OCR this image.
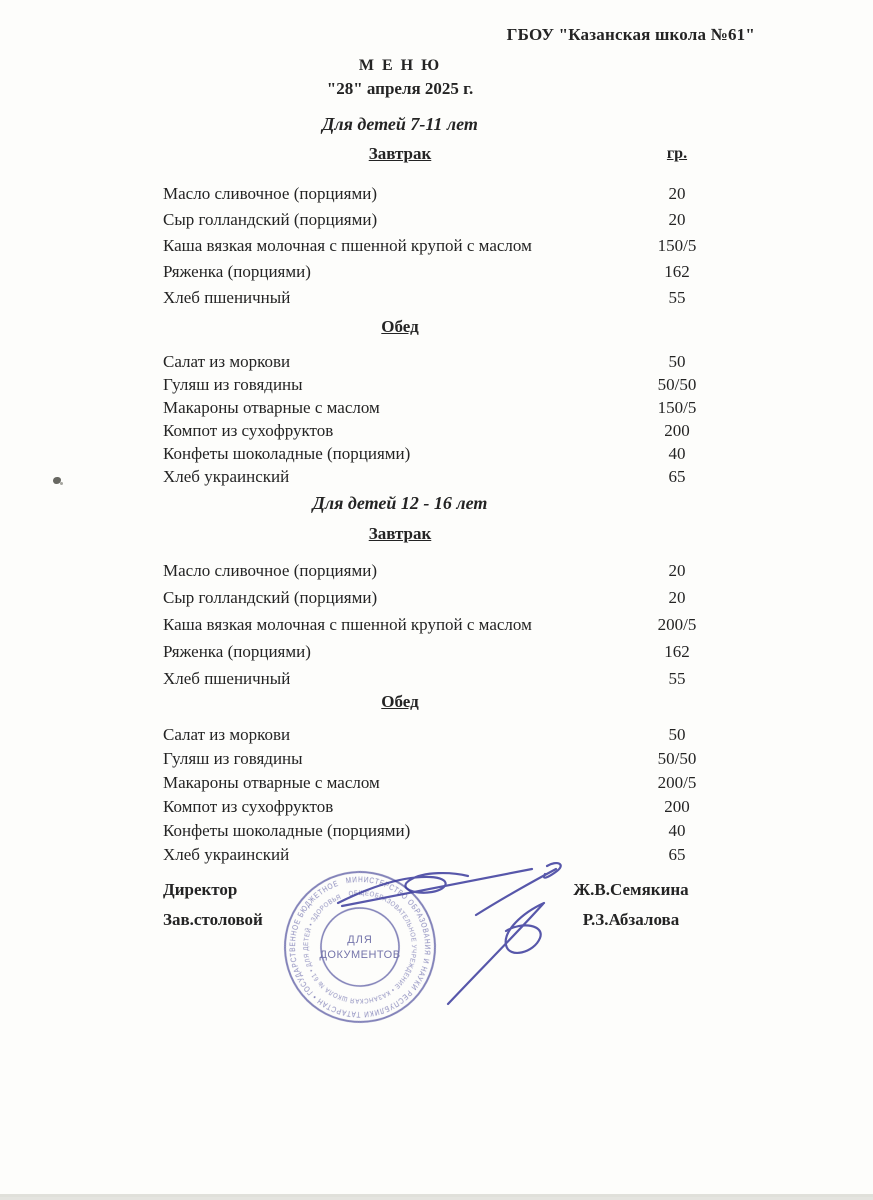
ГБОУ "Казанская школа №61"
М Е Н Ю
"28" апреля 2025 г.
Для детей 7-11 лет
Завтрак	гр.
Масло сливочное (порциями)	20
Сыр голландский (порциями)	20
Каша вязкая молочная с пшенной крупой с маслом	150/5
Ряженка (порциями)	162
Хлеб пшеничный	55
Обед
Салат из моркови	50
Гуляш из говядины	50/50
Макароны отварные с маслом	150/5
Компот из сухофруктов	200
Конфеты шоколадные (порциями)	40
Хлеб украинский	65
Для детей 12 - 16 лет
Завтрак
Масло сливочное (порциями)	20
Сыр голландский (порциями)	20
Каша вязкая молочная с пшенной крупой с маслом	200/5
Ряженка (порциями)	162
Хлеб пшеничный	55
Обед
Салат из моркови	50
Гуляш из говядины	50/50
Макароны отварные с маслом	200/5
Компот из сухофруктов	200
Конфеты шоколадные (порциями)	40
Хлеб украинский	65
Директор	Ж.В.Семякина
Зав.столовой	Р.З.Абзалова
МИНИСТЕРСТВО ОБРАЗОВАНИЯ И НАУКИ РЕСПУБЛИКИ ТАТАРСТАН • ГОСУДАРСТВЕННОЕ БЮДЖЕТНОЕ
ОБЩЕОБРАЗОВАТЕЛЬНОЕ УЧРЕЖДЕНИЕ • КАЗАНСКАЯ ШКОЛА № 61 • ДЛЯ ДЕТЕЙ • ЗДОРОВЬЯ
ДЛЯ
ДОКУМЕНТОВ
